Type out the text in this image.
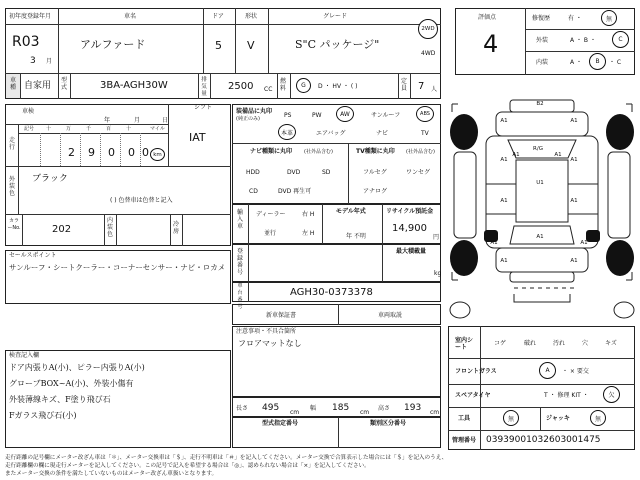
初年度登録年月
R03
3 月
車名
アルファード
ドア
5
形状
V
グレード
S"C パッケージ"
2WD
4WD
車種 自家用
型式	3BA-AGH30W	排気量
2500 CC
燃料	G	D ・ HV ・ ( )
定員 7 人
評価点
4
修復歴	有 ・	無
外装	A ・ B ・	C
内装	A ・	B	・ C
車検
年	月	日
シフト
IAT
走行
記号 十	万	千	百	十	マイル
2 9 0 0 0 km
外装色
ブラック
( ) 色替車は色替と記入
カラーNo.	202
内装色
冷房
装備品に丸印
(純正のみ)	PS	PW	AW	サンルーフ	ABS
本革	エアバッグ	ナビ	TV
ナビ種類に丸印 (社外品含む)
HDD	DVD	SD
CD	DVD 再生可
TV種類に丸印 (社外品含む)
フルセグ	ワンセグ
アナログ
輸入車
ディーラー
並行
右 H
左 H
モデル年式
年 不明
リサイクル預託金
14,900
円
登録番号
最大積載量
kg
車台番号
AGH30-0373378
セールスポイント
サンルーフ・シートクーラー・コーナーセンサー・ナビ・ロカメ
新車保証書	車両取説
注意事項・不具合箇所
フロアマットなし
検査記入欄
ドア内張りA(小)、ピラー内張りA(小)
グローブBOX~A(小)、外装小傷有
外装薄線キズ、F塗り飛び石
Fガラス飛び石(小)
長さ 495 cm
幅 185 cm
高さ 193 cm
型式指定番号	類別区分番号
B2
A1	A1
A1	A1
A1	A1
A1	A1
A1	A1
U1
R/G
A1	A1
A1
室内シート
コゲ	破れ	汚れ	穴	キズ
フロントガラス	A	・ × 要交
スペアタイヤ	T ・ 修理 KIT ・	欠
工具	無	ジャッキ	無
管理番号 0393900103260300147​5
走行距離の記号欄にメーター改ざん車は「＊」、メーター交換車は「＄」、走行不明車は「＃」を記入してください。メーター交換で合算表示した場合には「＄」を記入のうえ、
走行距離欄の欄に現走行メーターを記入してください。この記号で記入を希望する場合は「◎」、認められない場合は「×」を記入してください。
またメーター交換の条件を満たしていないものはメーター改ざん車扱いとなります。
